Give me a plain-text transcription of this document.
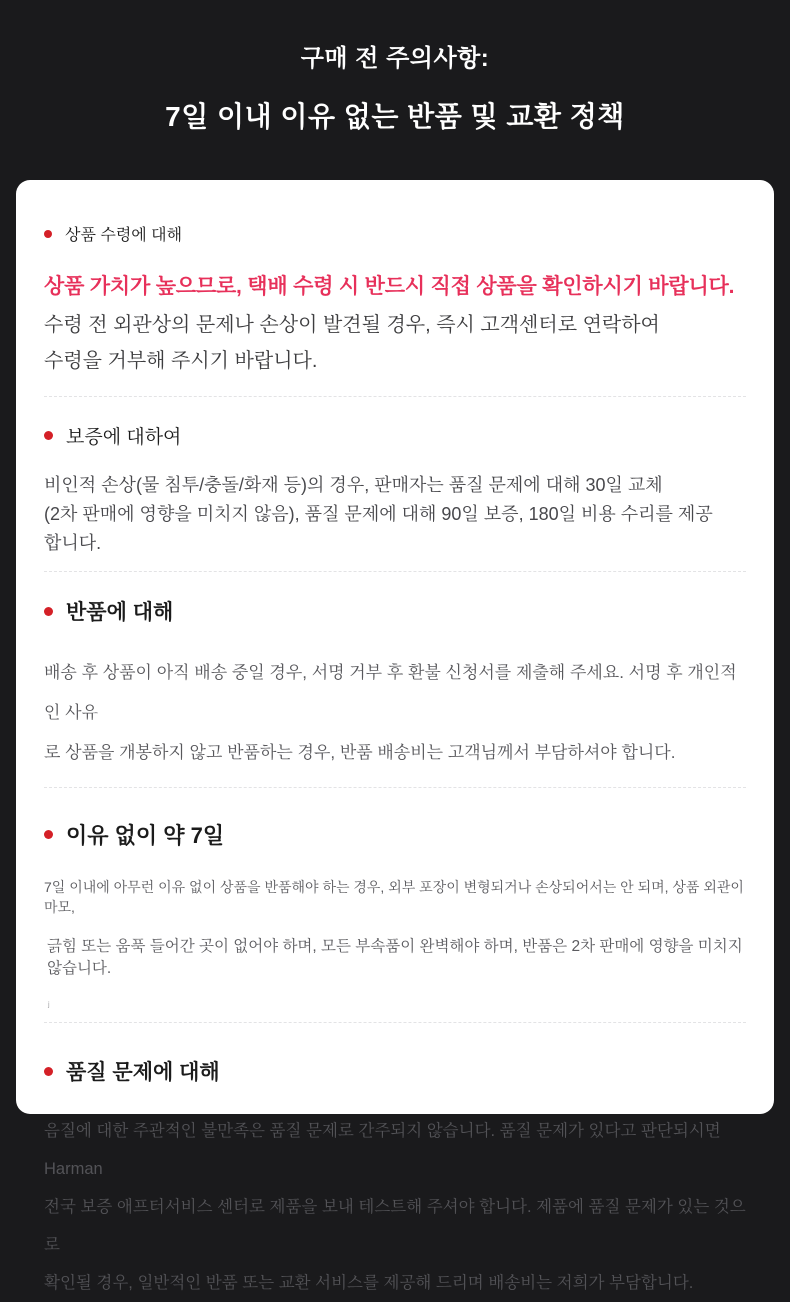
구매 전 주의사항:
7일 이내 이유 없는 반품 및 교환 정책
상품 수령에 대해
상품 가치가 높으므로, 택배 수령 시 반드시 직접 상품을 확인하시기 바랍니다.
수령 전 외관상의 문제나 손상이 발견될 경우, 즉시 고객센터로 연락하여
수령을 거부해 주시기 바랍니다.
보증에 대하여
비인적 손상(물 침투/충돌/화재 등)의 경우, 판매자는 품질 문제에 대해 30일 교체
(2차 판매에 영향을 미치지 않음), 품질 문제에 대해 90일 보증, 180일 비용 수리를 제공
합니다.
반품에 대해
배송 후 상품이 아직 배송 중일 경우, 서명 거부 후 환불 신청서를 제출해 주세요. 서명 후 개인적인 사유
로 상품을 개봉하지 않고 반품하는 경우, 반품 배송비는 고객님께서 부담하셔야 합니다.
이유 없이 약 7일
7일 이내에 아무런 이유 없이 상품을 반품해야 하는 경우, 외부 포장이 변형되거나 손상되어서는 안 되며, 상품 외관이 마모,
긁힘 또는 움푹 들어간 곳이 없어야 하며, 모든 부속품이 완벽해야 하며, 반품은 2차 판매에 영향을 미치지 않습니다.
ʲ
품질 문제에 대해
음질에 대한 주관적인 불만족은 품질 문제로 간주되지 않습니다. 품질 문제가 있다고 판단되시면 Harman
전국 보증 애프터서비스 센터로 제품을 보내 테스트해 주셔야 합니다. 제품에 품질 문제가 있는 것으로
확인될 경우, 일반적인 반품 또는 교환 서비스를 제공해 드리며 배송비는 저희가 부담합니다.
